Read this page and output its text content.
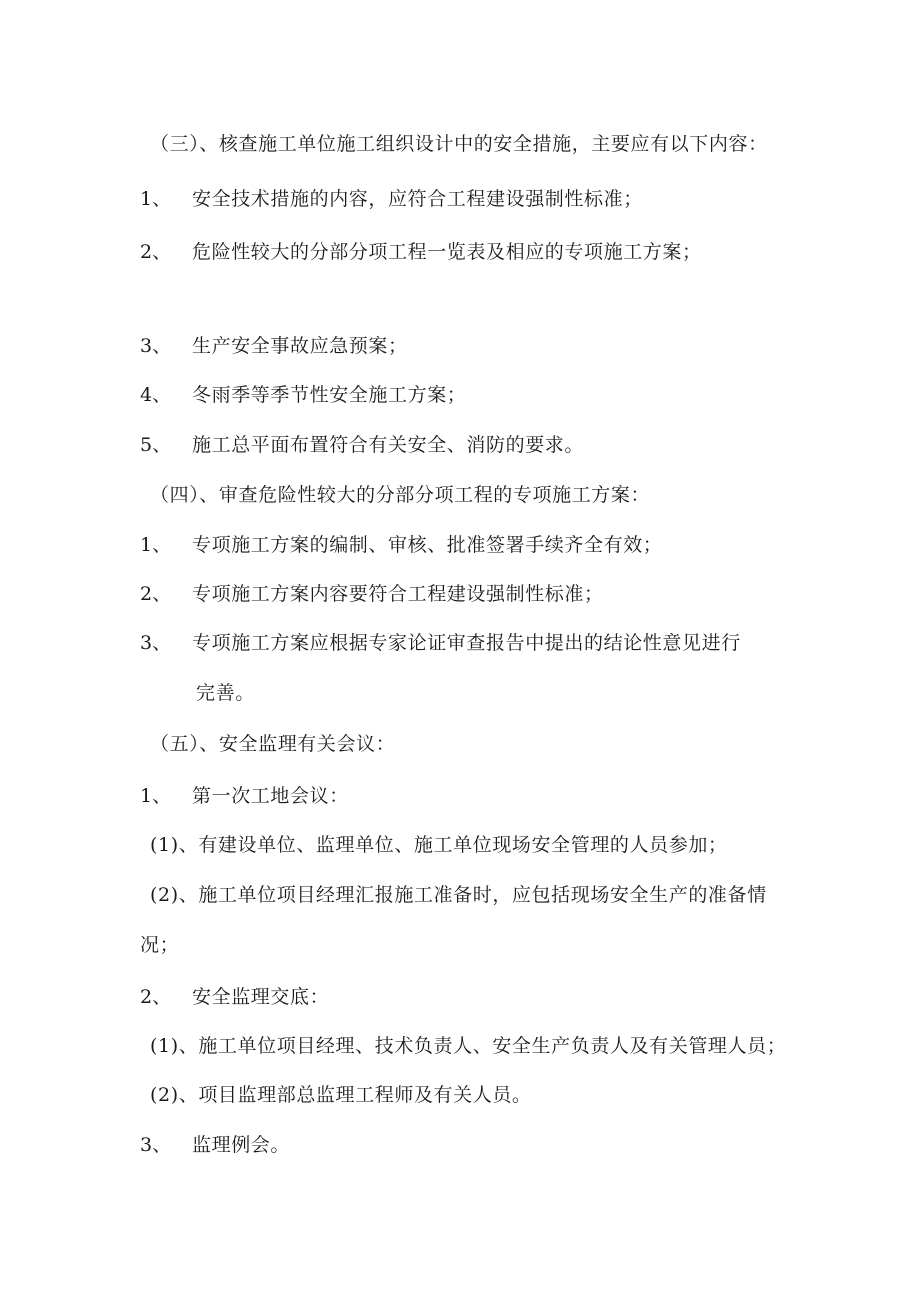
（三）、核查施工单位施工组织设计中的安全措施，主要应有以下内容：
1、 安全技术措施的内容，应符合工程建设强制性标准；
2、 危险性较大的分部分项工程一览表及相应的专项施工方案；
3、 生产安全事故应急预案；
4、 冬雨季等季节性安全施工方案；
5、 施工总平面布置符合有关安全、消防的要求。
（四）、审查危险性较大的分部分项工程的专项施工方案：
1、 专项施工方案的编制、审核、批准签署手续齐全有效；
2、 专项施工方案内容要符合工程建设强制性标准；
3、 专项施工方案应根据专家论证审查报告中提出的结论性意见进行
完善。
（五）、安全监理有关会议：
1、 第一次工地会议：
(1)、有建设单位、监理单位、施工单位现场安全管理的人员参加；
(2)、施工单位项目经理汇报施工准备时，应包括现场安全生产的准备情
况；
2、 安全监理交底：
(1)、施工单位项目经理、技术负责人、安全生产负责人及有关管理人员；
(2)、项目监理部总监理工程师及有关人员。
3、 监理例会。
